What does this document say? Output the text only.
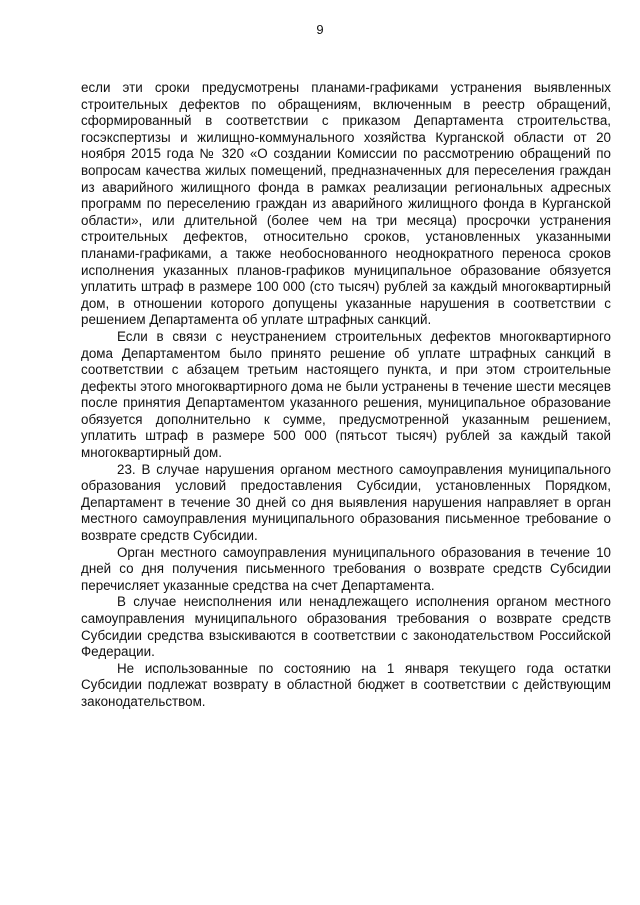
9

если эти сроки предусмотрены планами-графиками устранения выявленных строительных дефектов по обращениям, включенным в реестр обращений, сформированный в соответствии с приказом Департамента строительства, госэкспертизы и жилищно-коммунального хозяйства Курганской области от 20 ноября 2015 года № 320 «О создании Комиссии по рассмотрению обращений по вопросам качества жилых помещений, предназначенных для переселения граждан из аварийного жилищного фонда в рамках реализации региональных адресных программ по переселению граждан из аварийного жилищного фонда в Курганской области», или длительной (более чем на три месяца) просрочки устранения строительных дефектов, относительно сроков, установленных указанными планами-графиками, а также необоснованного неоднократного переноса сроков исполнения указанных планов-графиков муниципальное образование обязуется уплатить штраф в размере 100 000 (сто тысяч) рублей за каждый многоквартирный дом, в отношении которого допущены указанные нарушения в соответствии с решением Департамента об уплате штрафных санкций.

Если в связи с неустранением строительных дефектов многоквартирного дома Департаментом было принято решение об уплате штрафных санкций в соответствии с абзацем третьим настоящего пункта, и при этом строительные дефекты этого многоквартирного дома не были устранены в течение шести месяцев после принятия Департаментом указанного решения, муниципальное образование обязуется дополнительно к сумме, предусмотренной указанным решением, уплатить штраф в размере 500 000 (пятьсот тысяч) рублей за каждый такой многоквартирный дом.

23. В случае нарушения органом местного самоуправления муниципального образования условий предоставления Субсидии, установленных Порядком, Департамент в течение 30 дней со дня выявления нарушения направляет в орган местного самоуправления муниципального образования письменное требование о возврате средств Субсидии.

Орган местного самоуправления муниципального образования в течение 10 дней со дня получения письменного требования о возврате средств Субсидии перечисляет указанные средства на счет Департамента.

В случае неисполнения или ненадлежащего исполнения органом местного самоуправления муниципального образования требования о возврате средств Субсидии средства взыскиваются в соответствии с законодательством Российской Федерации.

Не использованные по состоянию на 1 января текущего года остатки Субсидии подлежат возврату в областной бюджет в соответствии с действующим законодательством.
